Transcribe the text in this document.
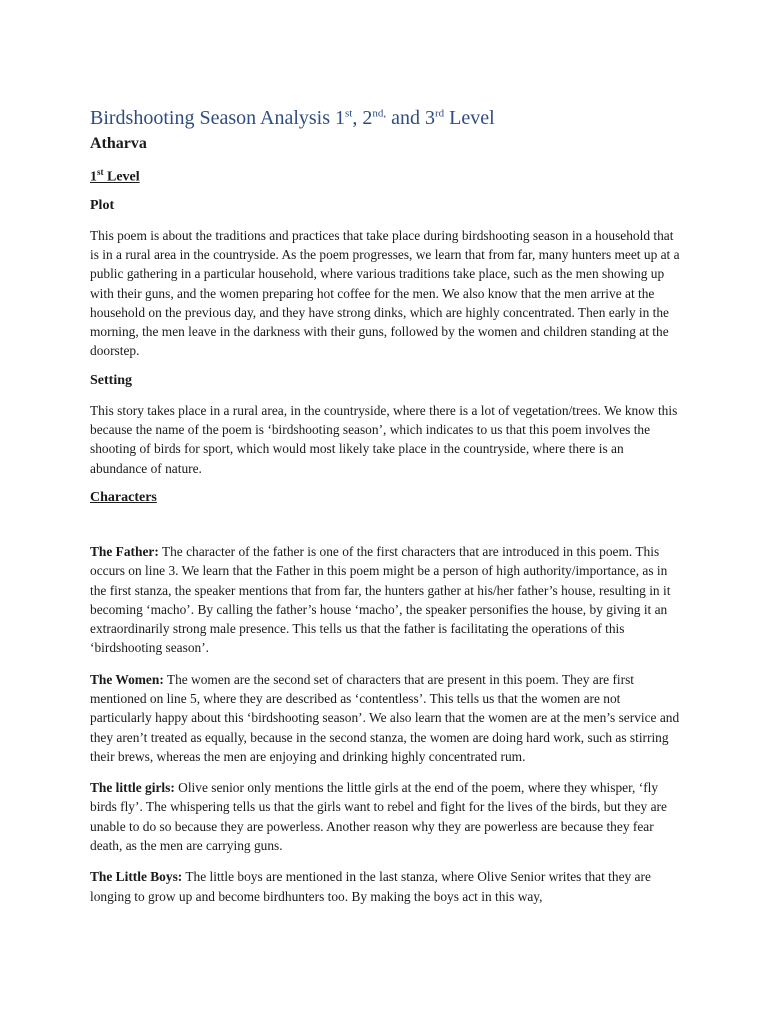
Birdshooting Season Analysis 1st, $2^{nd,}$ and 3rd Level
Atharva
1st Level
Plot

This poem is about the traditions and practices that take place during birdshooting season in a household that is in a rural area in the countryside. As the poem progresses, we learn that from far, many hunters meet up at a public gathering in a particular household, where various traditions take place, such as the men showing up with their guns, and the women preparing hot coffee for the men. We also know that the men arrive at the household on the previous day, and they have strong dinks, which are highly concentrated. Then early in the morning, the men leave in the darkness with their guns, followed by the women and children standing at the doorstep.

Setting

This story takes place in a rural area, in the countryside, where there is a lot of vegetation/trees. We know this because the name of the poem is ‘birdshooting season’, which indicates to us that this poem involves the shooting of birds for sport, which would most likely take place in the countryside, where there is an abundance of nature.

Characters

The Father: The character of the father is one of the first characters that are introduced in this poem. This occurs on line 3. We learn that the Father in this poem might be a person of high authority/importance, as in the first stanza, the speaker mentions that from far, the hunters gather at his/her father’s house, resulting in it becoming ‘macho’. By calling the father’s house ‘macho’, the speaker personifies the house, by giving it an extraordinarily strong male presence. This tells us that the father is facilitating the operations of this ‘birdshooting season’.

The Women: The women are the second set of characters that are present in this poem. They are first mentioned on line 5, where they are described as ‘contentless’. This tells us that the women are not particularly happy about this ‘birdshooting season’. We also learn that the women are at the men’s service and they aren’t treated as equally, because in the second stanza, the women are doing hard work, such as stirring their brews, whereas the men are enjoying and drinking highly concentrated rum.

The little girls: Olive senior only mentions the little girls at the end of the poem, where they whisper, ‘fly birds fly’. The whispering tells us that the girls want to rebel and fight for the lives of the birds, but they are unable to do so because they are powerless. Another reason why they are powerless are because they fear death, as the men are carrying guns.

The Little Boys: The little boys are mentioned in the last stanza, where Olive Senior writes that they are longing to grow up and become birdhunters too. By making the boys act in this way,
